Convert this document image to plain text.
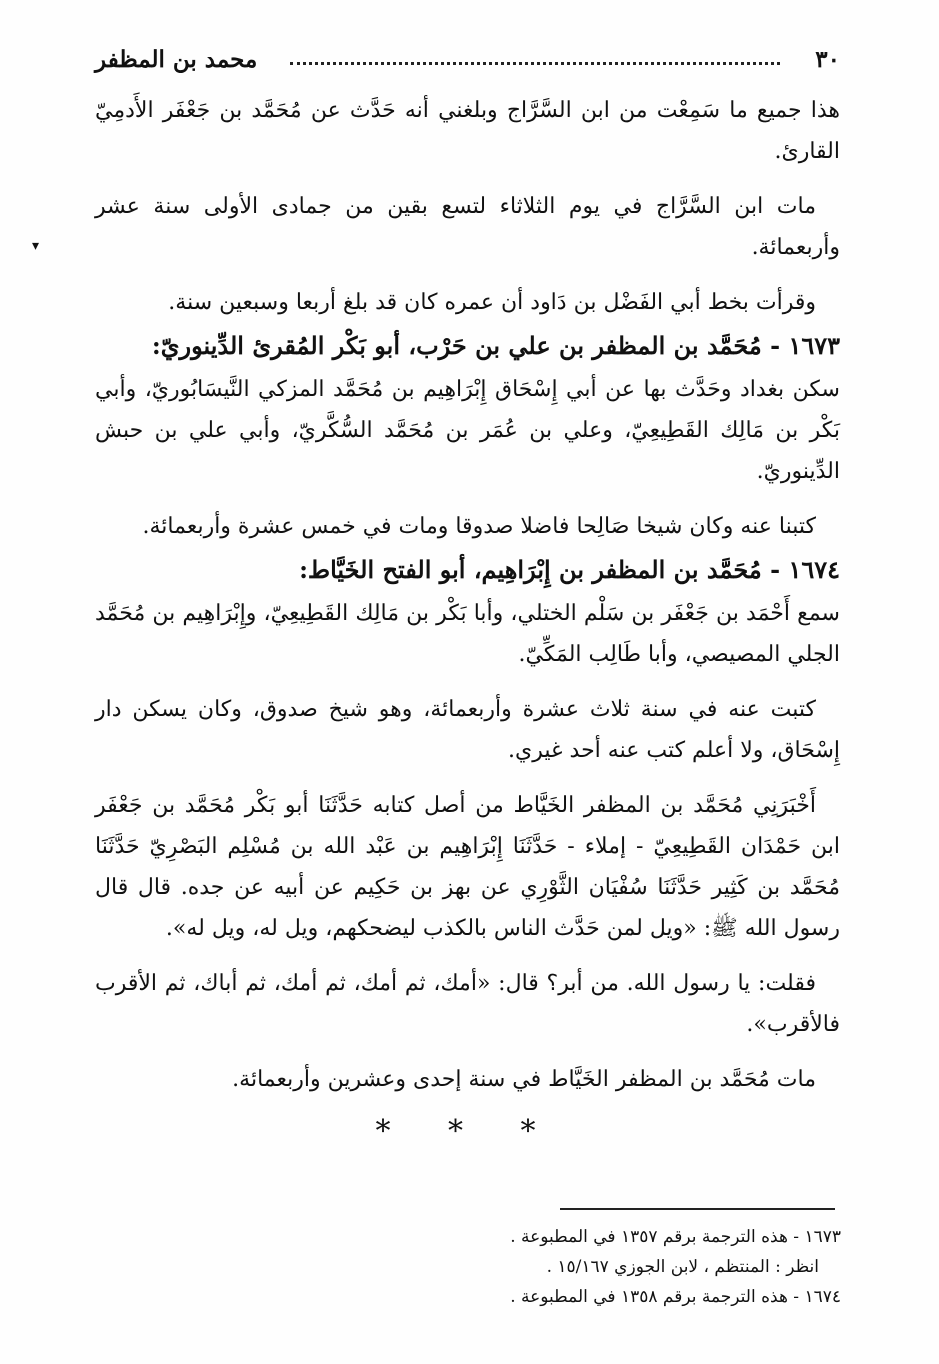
٣٠
محمد بن المظفر

هذا جميع ما سَمِعْت من ابن السَّرَّاج وبلغني أنه حَدَّث عن مُحَمَّد بن جَعْفَر الأَدمِيّ القارئ.

مات ابن السَّرَّاج في يوم الثلاثاء لتسع بقين من جمادى الأولى سنة عشر وأربعمائة.

وقرأت بخط أبي الفَضْل بن دَاود أن عمره كان قد بلغ أربعا وسبعين سنة.

١٦٧٣ - مُحَمَّد بن المظفر بن علي بن حَرْب، أبو بَكْر المُقرئ الدِّينوريّ:

سكن بغداد وحَدَّث بها عن أبي إِسْحَاق إِبْرَاهِيم بن مُحَمَّد المزكي النَّيسَابُوريّ، وأبي بَكْر بن مَالِك القَطِيعِيّ، وعلي بن عُمَر بن مُحَمَّد السُّكَّريّ، وأبي علي بن حبش الدِّينوريّ.

كتبنا عنه وكان شيخا صَالِحا فاضلا صدوقا ومات في خمس عشرة وأربعمائة.

١٦٧٤ - مُحَمَّد بن المظفر بن إِبْرَاهِيم، أبو الفتح الخَيَّاط:

سمع أَحْمَد بن جَعْفَر بن سَلْم الختلي، وأبا بَكْر بن مَالِك القَطِيعِيّ، وإِبْرَاهِيم بن مُحَمَّد الجلي المصيصي، وأبا طَالِب المَكِّيّ.

كتبت عنه في سنة ثلاث عشرة وأربعمائة، وهو شيخ صدوق، وكان يسكن دار إِسْحَاق، ولا أعلم كتب عنه أحد غيري.

أَخْبَرَنِي مُحَمَّد بن المظفر الخَيَّاط من أصل كتابه حَدَّثَنَا أبو بَكْر مُحَمَّد بن جَعْفَر ابن حَمْدَان القَطِيعِيّ - إملاء - حَدَّثَنَا إِبْرَاهِيم بن عَبْد الله بن مُسْلِم البَصْرِيّ حَدَّثَنَا مُحَمَّد بن كَثِير حَدَّثَنَا سُفْيَان الثَّوْرِي عن بهز بن حَكِيم عن أبيه عن جده. قال قال رسول الله ﷺ: «ويل لمن حَدَّث الناس بالكذب ليضحكهم، ويل له، ويل له».

فقلت: يا رسول الله. من أبر؟ قال: «أمك، ثم أمك، ثم أمك، ثم أباك، ثم الأقرب فالأقرب».

مات مُحَمَّد بن المظفر الخَيَّاط في سنة إحدى وعشرين وأربعمائة.

* * *
▾
١٦٧٣ - هذه الترجمة برقم ١٣٥٧ في المطبوعة .
انظر : المنتظم ، لابن الجوزي ١٥/١٦٧ .
١٦٧٤ - هذه الترجمة برقم ١٣٥٨ في المطبوعة .
